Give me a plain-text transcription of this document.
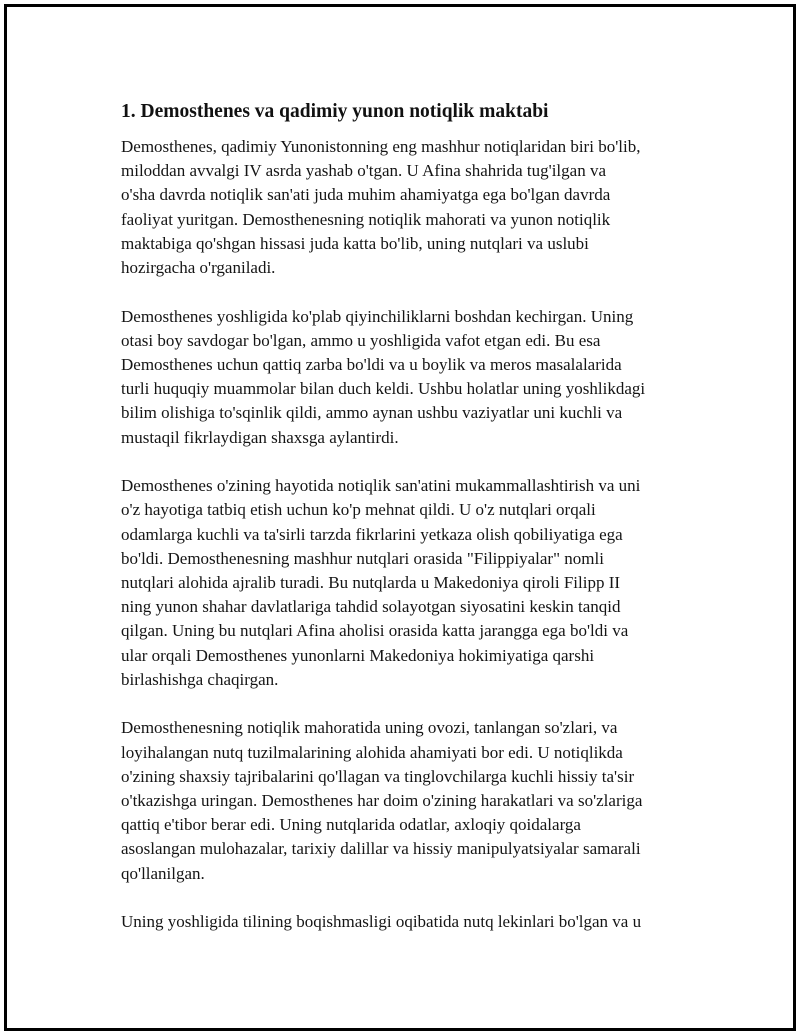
1. Demosthenes va qadimiy yunon notiqlik maktabi
Demosthenes, qadimiy Yunonistonning eng mashhur notiqlaridan biri bo'lib,
miloddan avvalgi IV asrda yashab o'tgan. U Afina shahrida tug'ilgan va
o'sha davrda notiqlik san'ati juda muhim ahamiyatga ega bo'lgan davrda
faoliyat yuritgan. Demosthenesning notiqlik mahorati va yunon notiqlik
maktabiga qo'shgan hissasi juda katta bo'lib, uning nutqlari va uslubi
hozirgacha o'rganiladi.
Demosthenes yoshligida ko'plab qiyinchiliklarni boshdan kechirgan. Uning
otasi boy savdogar bo'lgan, ammo u yoshligida vafot etgan edi. Bu esa
Demosthenes uchun qattiq zarba bo'ldi va u boylik va meros masalalarida
turli huquqiy muammolar bilan duch keldi. Ushbu holatlar uning yoshlikdagi
bilim olishiga to'sqinlik qildi, ammo aynan ushbu vaziyatlar uni kuchli va
mustaqil fikrlaydigan shaxsga aylantirdi.
Demosthenes o'zining hayotida notiqlik san'atini mukammallashtirish va uni
o'z hayotiga tatbiq etish uchun ko'p mehnat qildi. U o'z nutqlari orqali
odamlarga kuchli va ta'sirli tarzda fikrlarini yetkaza olish qobiliyatiga ega
bo'ldi. Demosthenesning mashhur nutqlari orasida "Filippiyalar" nomli
nutqlari alohida ajralib turadi. Bu nutqlarda u Makedoniya qiroli Filipp II
ning yunon shahar davlatlariga tahdid solayotgan siyosatini keskin tanqid
qilgan. Uning bu nutqlari Afina aholisi orasida katta jarangga ega bo'ldi va
ular orqali Demosthenes yunonlarni Makedoniya hokimiyatiga qarshi
birlashishga chaqirgan.
Demosthenesning notiqlik mahoratida uning ovozi, tanlangan so'zlari, va
loyihalangan nutq tuzilmalarining alohida ahamiyati bor edi. U notiqlikda
o'zining shaxsiy tajribalarini qo'llagan va tinglovchilarga kuchli hissiy ta'sir
o'tkazishga uringan. Demosthenes har doim o'zining harakatlari va so'zlariga
qattiq e'tibor berar edi. Uning nutqlarida odatlar, axloqiy qoidalarga
asoslangan mulohazalar, tarixiy dalillar va hissiy manipulyatsiyalar samarali
qo'llanilgan.
Uning yoshligida tilining boqishmasligi oqibatida nutq lekinlari bo'lgan va u
